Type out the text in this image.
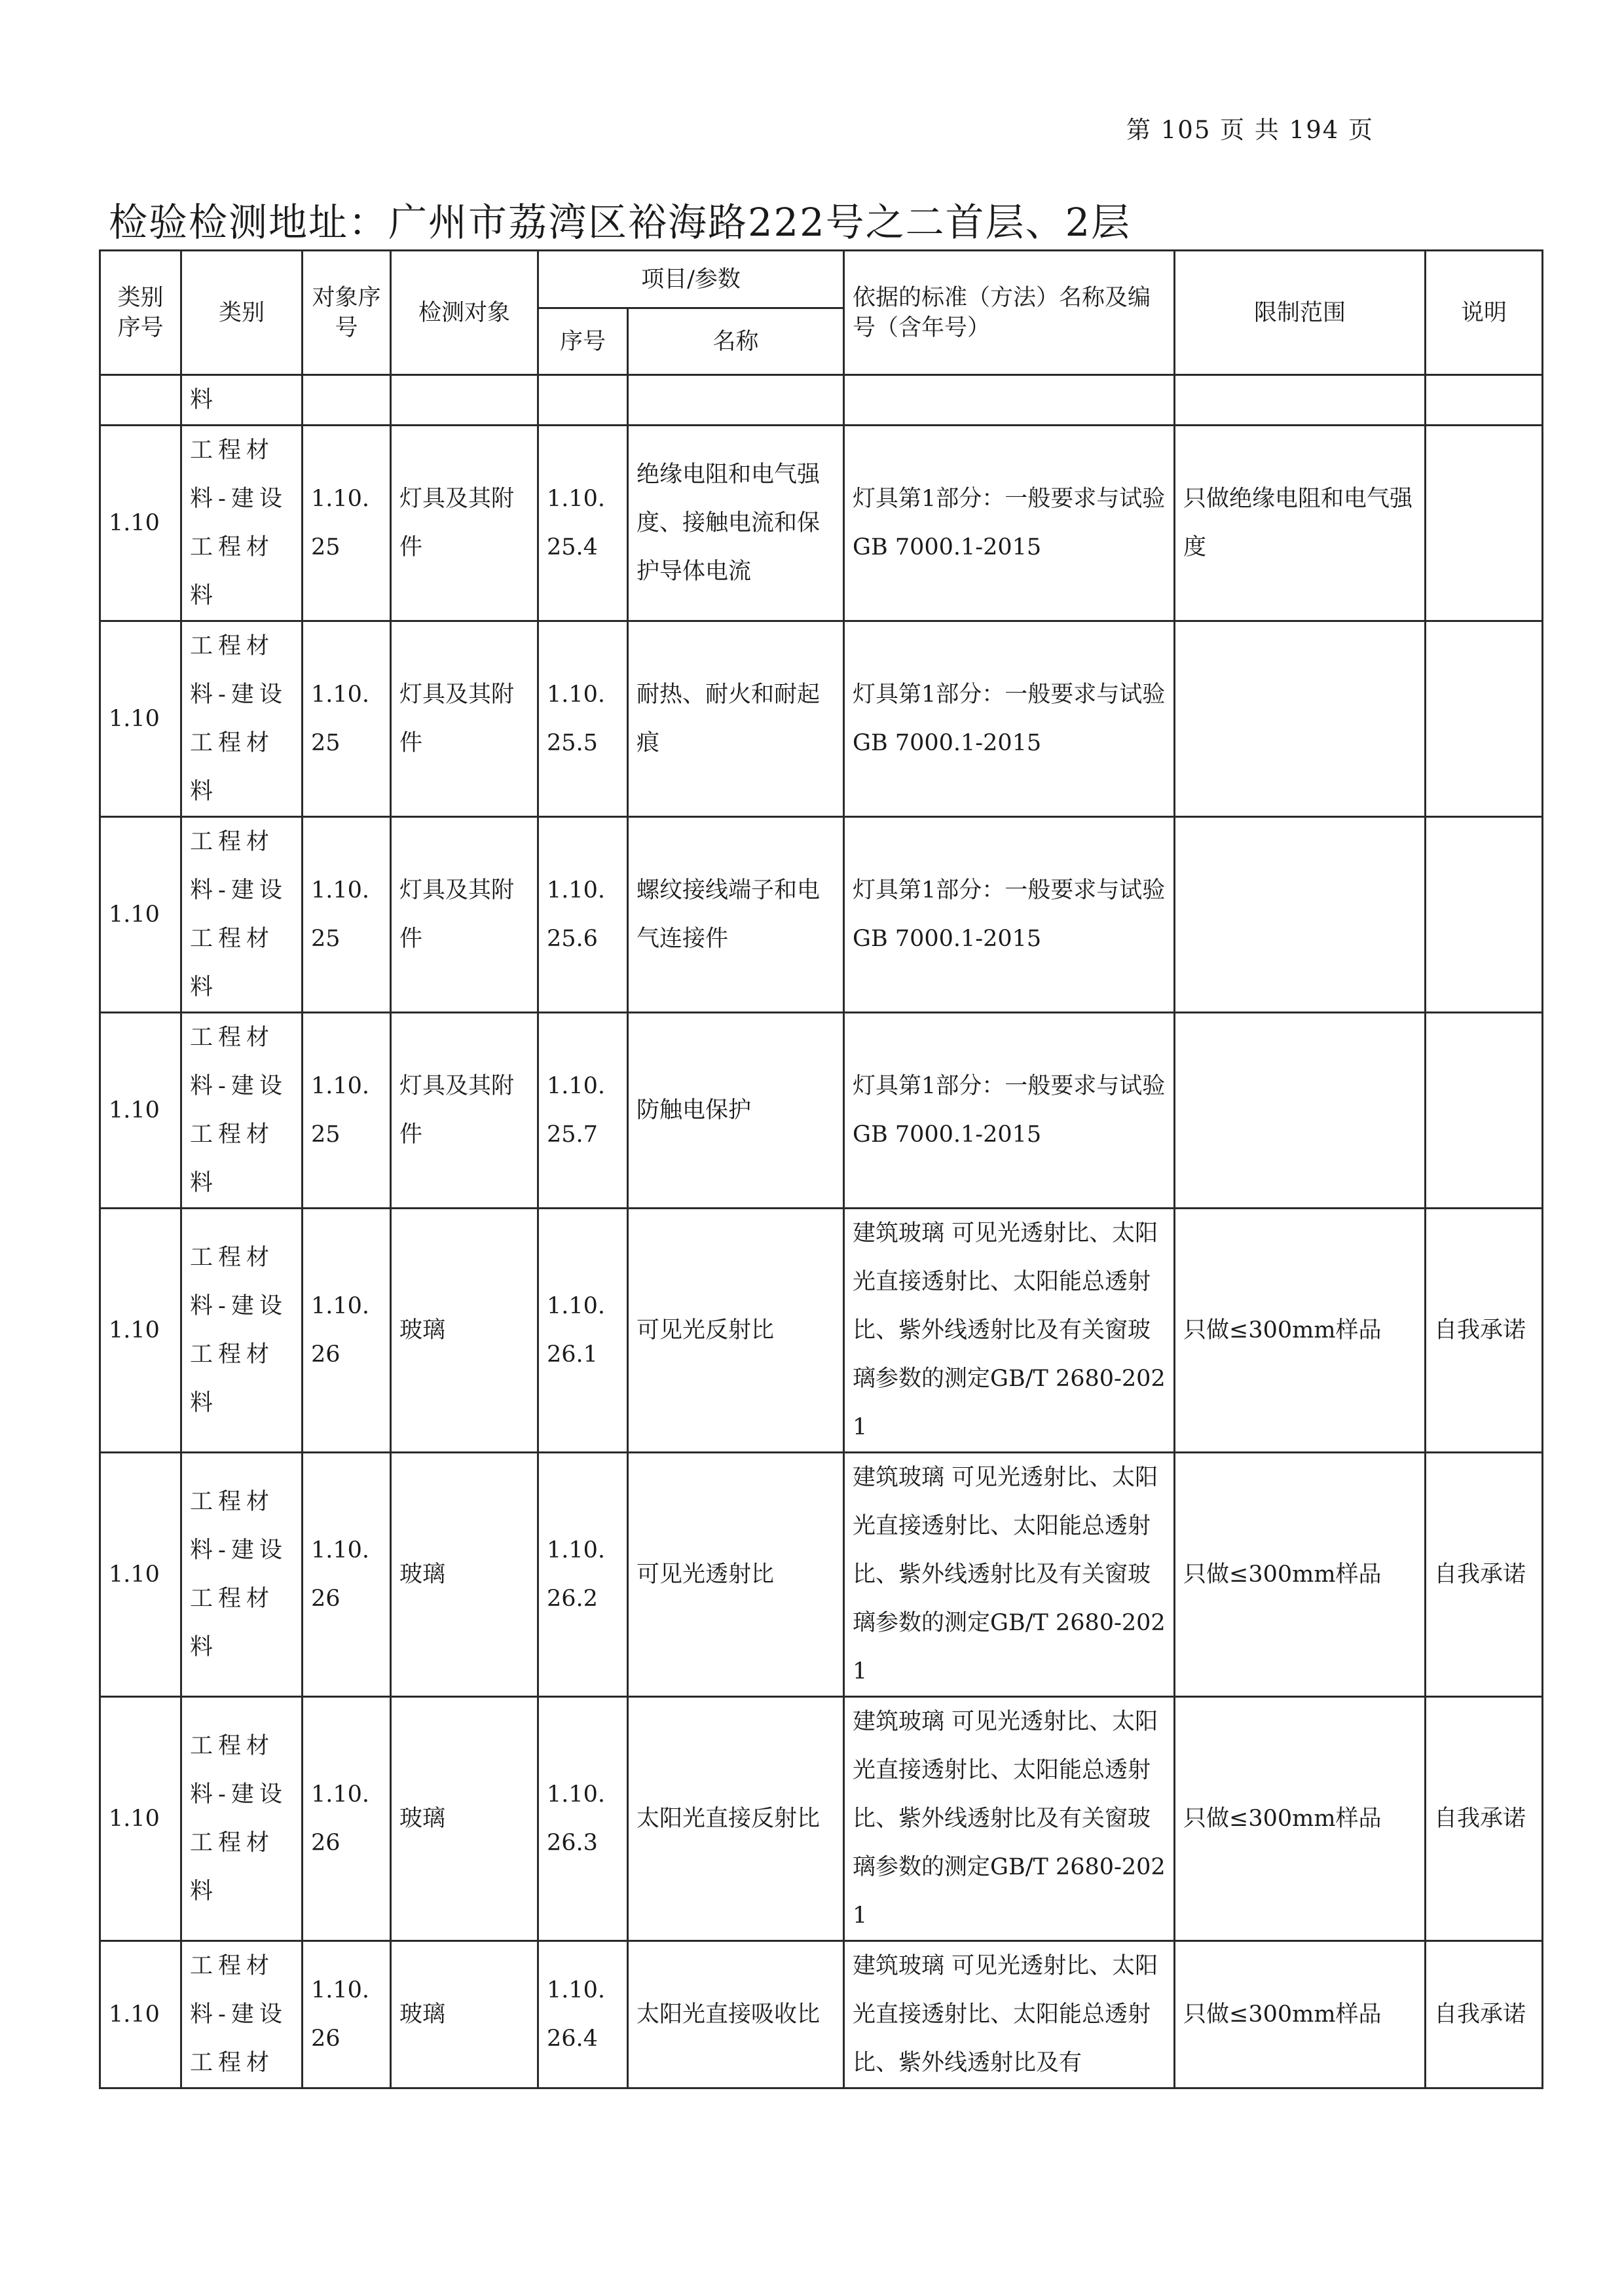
第 105 页 共 194 页
检验检测地址：广州市荔湾区裕海路222号之二首层、2层
类别序号	类别	对象序号	检测对象	项目/参数		依据的标准（方法）名称及编号（含年号）	限制范围	说明
				序号	名称			
	料							
1.10	工程材料-建设工程材料	1.10.25	灯具及其附件	1.10.25.4	绝缘电阻和电气强度、接触电流和保护导体电流	灯具第1部分：一般要求与试验GB 7000.1-2015	只做绝缘电阻和电气强度	
1.10	工程材料-建设工程材料	1.10.25	灯具及其附件	1.10.25.5	耐热、耐火和耐起痕	灯具第1部分：一般要求与试验GB 7000.1-2015		
1.10	工程材料-建设工程材料	1.10.25	灯具及其附件	1.10.25.6	螺纹接线端子和电气连接件	灯具第1部分：一般要求与试验GB 7000.1-2015		
1.10	工程材料-建设工程材料	1.10.25	灯具及其附件	1.10.25.7	防触电保护	灯具第1部分：一般要求与试验GB 7000.1-2015		
1.10	工程材料-建设工程材料	1.10.26	玻璃	1.10.26.1	可见光反射比	建筑玻璃 可见光透射比、太阳光直接透射比、太阳能总透射比、紫外线透射比及有关窗玻璃参数的测定GB/T 2680-2021	只做≤300mm样品	自我承诺
1.10	工程材料-建设工程材料	1.10.26	玻璃	1.10.26.2	可见光透射比	建筑玻璃 可见光透射比、太阳光直接透射比、太阳能总透射比、紫外线透射比及有关窗玻璃参数的测定GB/T 2680-2021	只做≤300mm样品	自我承诺
1.10	工程材料-建设工程材料	1.10.26	玻璃	1.10.26.3	太阳光直接反射比	建筑玻璃 可见光透射比、太阳光直接透射比、太阳能总透射比、紫外线透射比及有关窗玻璃参数的测定GB/T 2680-2021	只做≤300mm样品	自我承诺
1.10	工程材料-建设工程材	1.10.26	玻璃	1.10.26.4	太阳光直接吸收比	建筑玻璃 可见光透射比、太阳光直接透射比、太阳能总透射比、紫外线透射比及有	只做≤300mm样品	自我承诺
